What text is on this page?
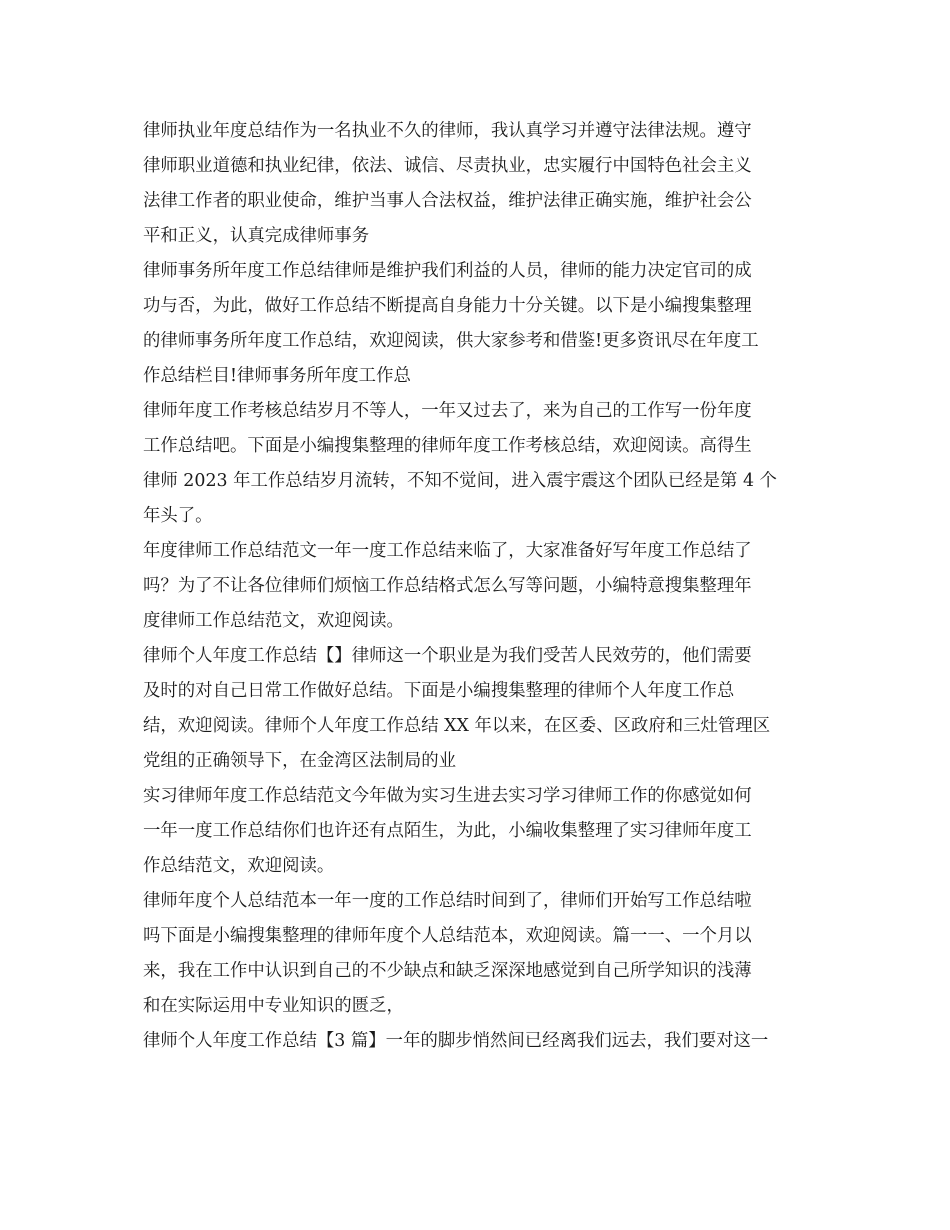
律师执业年度总结作为一名执业不久的律师，我认真学习并遵守法律法规。遵守
律师职业道德和执业纪律，依法、诚信、尽责执业，忠实履行中国特色社会主义
法律工作者的职业使命，维护当事人合法权益，维护法律正确实施，维护社会公
平和正义，认真完成律师事务

律师事务所年度工作总结律师是维护我们利益的人员，律师的能力决定官司的成
功与否，为此，做好工作总结不断提高自身能力十分关键。以下是小编搜集整理
的律师事务所年度工作总结，欢迎阅读，供大家参考和借鉴!更多资讯尽在年度工
作总结栏目!律师事务所年度工作总

律师年度工作考核总结岁月不等人，一年又过去了，来为自己的工作写一份年度
工作总结吧。下面是小编搜集整理的律师年度工作考核总结，欢迎阅读。高得生
律师 2023 年工作总结岁月流转，不知不觉间，进入震宇震这个团队已经是第 4 个
年头了。

年度律师工作总结范文一年一度工作总结来临了，大家准备好写年度工作总结了
吗？为了不让各位律师们烦恼工作总结格式怎么写等问题，小编特意搜集整理年
度律师工作总结范文，欢迎阅读。

律师个人年度工作总结【】律师这一个职业是为我们受苦人民效劳的，他们需要
及时的对自己日常工作做好总结。下面是小编搜集整理的律师个人年度工作总
结，欢迎阅读。律师个人年度工作总结 XX 年以来，在区委、区政府和三灶管理区
党组的正确领导下，在金湾区法制局的业

实习律师年度工作总结范文今年做为实习生进去实习学习律师工作的你感觉如何
一年一度工作总结你们也许还有点陌生，为此，小编收集整理了实习律师年度工
作总结范文，欢迎阅读。

律师年度个人总结范本一年一度的工作总结时间到了，律师们开始写工作总结啦
吗下面是小编搜集整理的律师年度个人总结范本，欢迎阅读。篇一一、一个月以
来，我在工作中认识到自己的不少缺点和缺乏深深地感觉到自己所学知识的浅薄
和在实际运用中专业知识的匮乏，

律师个人年度工作总结【3 篇】一年的脚步悄然间已经离我们远去，我们要对这一
